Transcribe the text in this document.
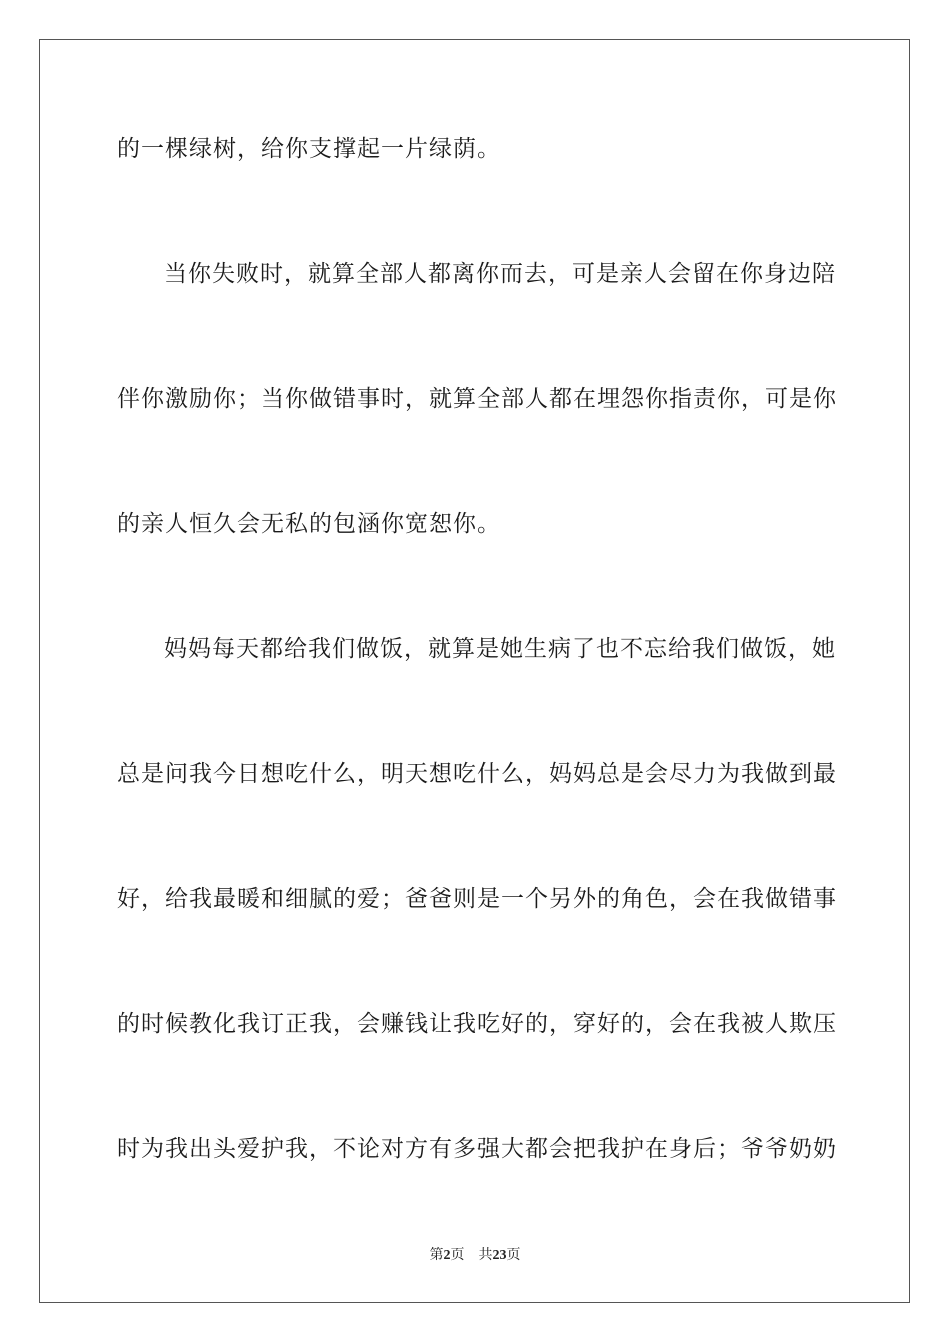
的一棵绿树，给你支撑起一片绿荫。
当你失败时，就算全部人都离你而去，可是亲人会留在你身边陪
伴你激励你；当你做错事时，就算全部人都在埋怨你指责你，可是你
的亲人恒久会无私的包涵你宽恕你。
妈妈每天都给我们做饭，就算是她生病了也不忘给我们做饭，她
总是问我今日想吃什么，明天想吃什么，妈妈总是会尽力为我做到最
好，给我最暖和细腻的爱；爸爸则是一个另外的角色，会在我做错事
的时候教化我订正我，会赚钱让我吃好的，穿好的，会在我被人欺压
时为我出头爱护我，不论对方有多强大都会把我护在身后；爷爷奶奶
第2页 共23页
